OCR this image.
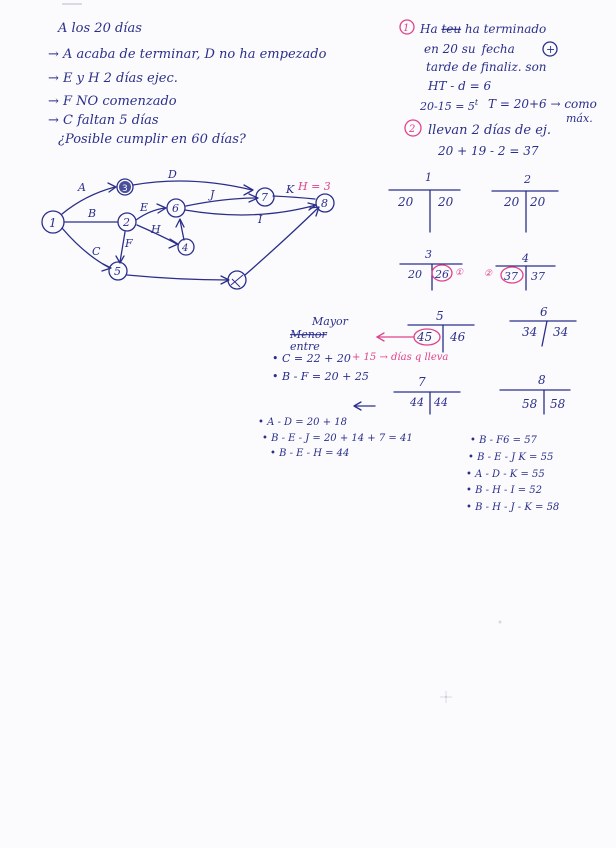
A los 20 días
→ A acaba de terminar, D no ha empezado
→ E y H 2 días ejec.
→ F NO comenzado
→ C faltan 5 días
¿Posible cumplir en 60 días?
1 Ha teu ha terminado
en 20 su fecha	+
tarde de finaliz. son
HT - d = 6
$20-15 = 5^t$ T = 20+6 → como
máx.
2 llevan 2 días de ej.
20 + 19 - 2 = 37
1
3
2
6
4
5
7	8
A
B
C
D
E
F
H
I
J	K H = 3
1
20 20
2
20 20
3
20 26 ①
4
② 37 37
5
45 46
6
34 34
7
44 44
8
58 58
Mayor
Menor
entre
• C = 22 + 20 + 15 → días q lleva
• B - F = 20 + 25
• A - D = 20 + 18
• B - E - J = 20 + 14 + 7 = 41
• B - E - H = 44
• B - F6 = 57
• B - E - J K = 55
• A - D - K = 55
• B - H - I = 52
• B - H - J - K = 58
